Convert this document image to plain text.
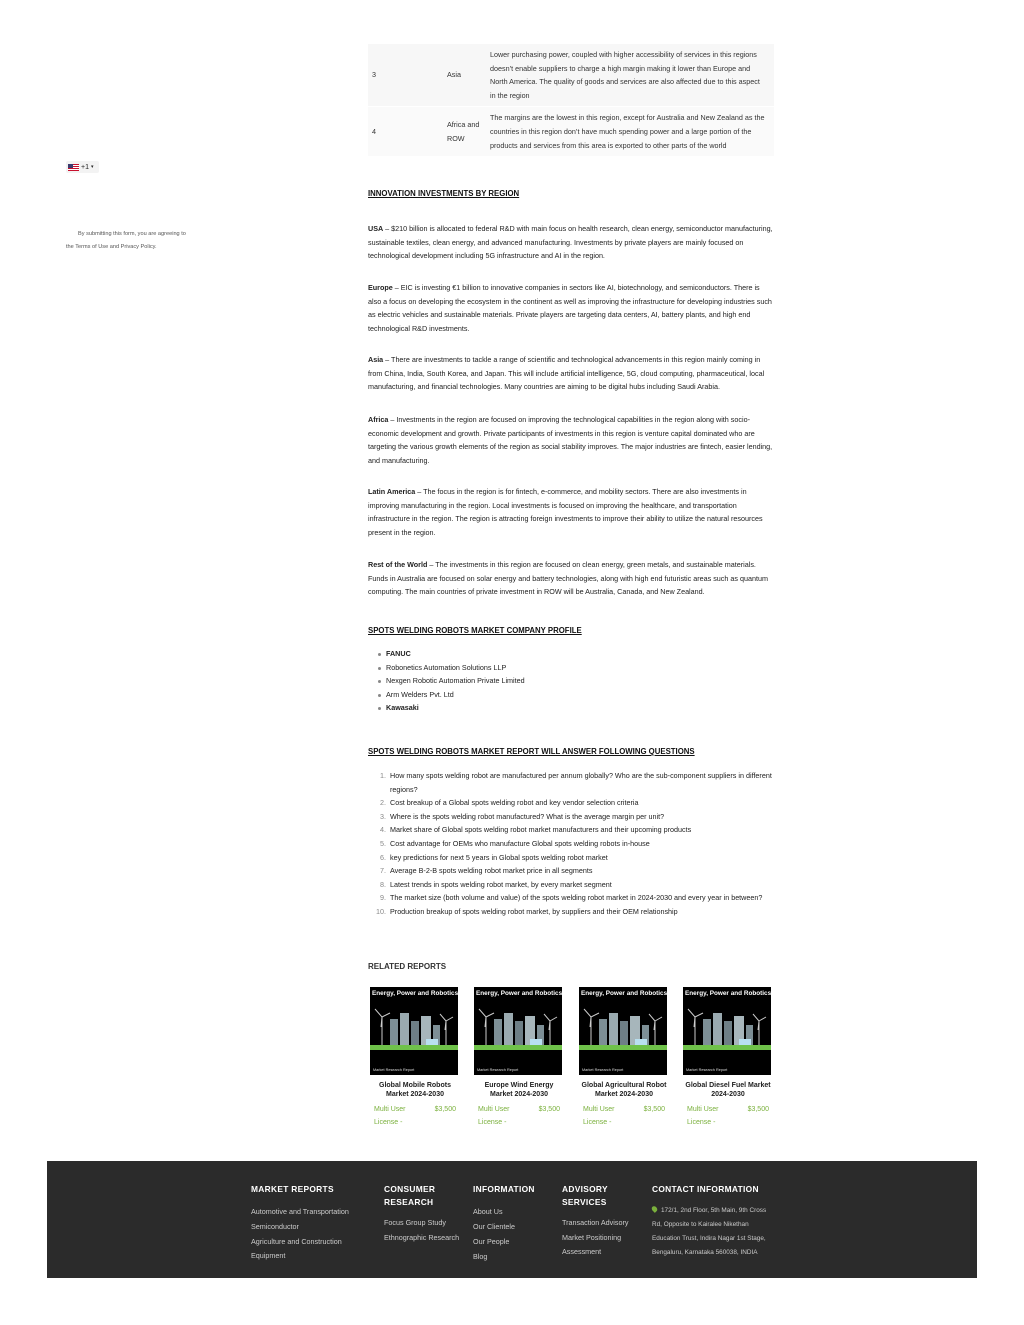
3	Asia
Lower purchasing power, coupled with higher accessibility of services in this regions doesn’t enable suppliers to charge a high margin making it lower than Europe and North America. The quality of goods and services are also affected due to this aspect in the region
4
Africa and ROW
The margins are the lowest in this region, except for Australia and New Zealand as the countries in this region don’t have much spending power and a large portion of the products and services from this area is exported to other parts of the world
+1 ▾
By submitting this form, you are agreeing to
the Terms of Use and Privacy Policy.
INNOVATION INVESTMENTS BY REGION
USA – $210 billion is allocated to federal R&D with main focus on health research, clean energy, semiconductor manufacturing, sustainable textiles, clean energy, and advanced manufacturing. Investments by private players are mainly focused on technological development including 5G infrastructure and AI in the region.
Europe – EIC is investing €1 billion to innovative companies in sectors like AI, biotechnology, and semiconductors. There is also a focus on developing the ecosystem in the continent as well as improving the infrastructure for developing industries such as electric vehicles and sustainable materials. Private players are targeting data centers, AI, battery plants, and high end technological R&D investments.
Asia – There are investments to tackle a range of scientific and technological advancements in this region mainly coming in from China, India, South Korea, and Japan. This will include artificial intelligence, 5G, cloud computing, pharmaceutical, local manufacturing, and financial technologies. Many countries are aiming to be digital hubs including Saudi Arabia.
Africa – Investments in the region are focused on improving the technological capabilities in the region along with socio-economic development and growth. Private participants of investments in this region is venture capital dominated who are targeting the various growth elements of the region as social stability improves. The major industries are fintech, easier lending, and manufacturing.
Latin America – The focus in the region is for fintech, e-commerce, and mobility sectors. There are also investments in improving manufacturing in the region. Local investments is focused on improving the healthcare, and transportation infrastructure in the region. The region is attracting foreign investments to improve their ability to utilize the natural resources present in the region.
Rest of the World – The investments in this region are focused on clean energy, green metals, and sustainable materials. Funds in Australia are focused on solar energy and battery technologies, along with high end futuristic areas such as quantum computing. The main countries of private investment in ROW will be Australia, Canada, and New Zealand.
SPOTS WELDING ROBOTS MARKET COMPANY PROFILE
FANUC
Robonetics Automation Solutions LLP
Nexgen Robotic Automation Private Limited
Arm Welders Pvt. Ltd
Kawasaki
SPOTS WELDING ROBOTS MARKET REPORT WILL ANSWER FOLLOWING QUESTIONS
1. How many spots welding robot are manufactured per annum globally? Who are the sub-component suppliers in different regions?
2. Cost breakup of a Global spots welding robot and key vendor selection criteria
3. Where is the spots welding robot manufactured? What is the average margin per unit?
4. Market share of Global spots welding robot market manufacturers and their upcoming products
5. Cost advantage for OEMs who manufacture Global spots welding robots in-house
6. key predictions for next 5 years in Global spots welding robot market
7. Average B-2-B spots welding robot market price in all segments
8. Latest trends in spots welding robot market, by every market segment
9. The market size (both volume and value) of the spots welding robot market in 2024-2030 and every year in between?
10. Production breakup of spots welding robot market, by suppliers and their OEM relationship
RELATED REPORTS
Energy, Power and Robotics
Market Research Report
Global Mobile Robots Market 2024-2030
Multi User License -
$3,500
Energy, Power and Robotics
Market Research Report
Europe Wind Energy Market 2024-2030
Multi User License -
$3,500
Energy, Power and Robotics
Market Research Report
Global Agricultural Robot Market 2024-2030
Multi User License -
$3,500
Energy, Power and Robotics
Market Research Report
Global Diesel Fuel Market 2024-2030
Multi User License -
$3,500
MARKET REPORTS
Automotive and Transportation
Semiconductor
Agriculture and Construction Equipment
CONSUMER RESEARCH
Focus Group Study
Ethnographic Research
INFORMATION
About Us
Our Clientele
Our People
Blog
ADVISORY SERVICES
Transaction Advisory
Market Positioning Assessment
CONTACT INFORMATION
172/1, 2nd Floor, 5th Main, 9th Cross Rd, Opposite to Kairalee Nikethan Education Trust, Indira Nagar 1st Stage, Bengaluru, Karnataka 560038, INDIA
